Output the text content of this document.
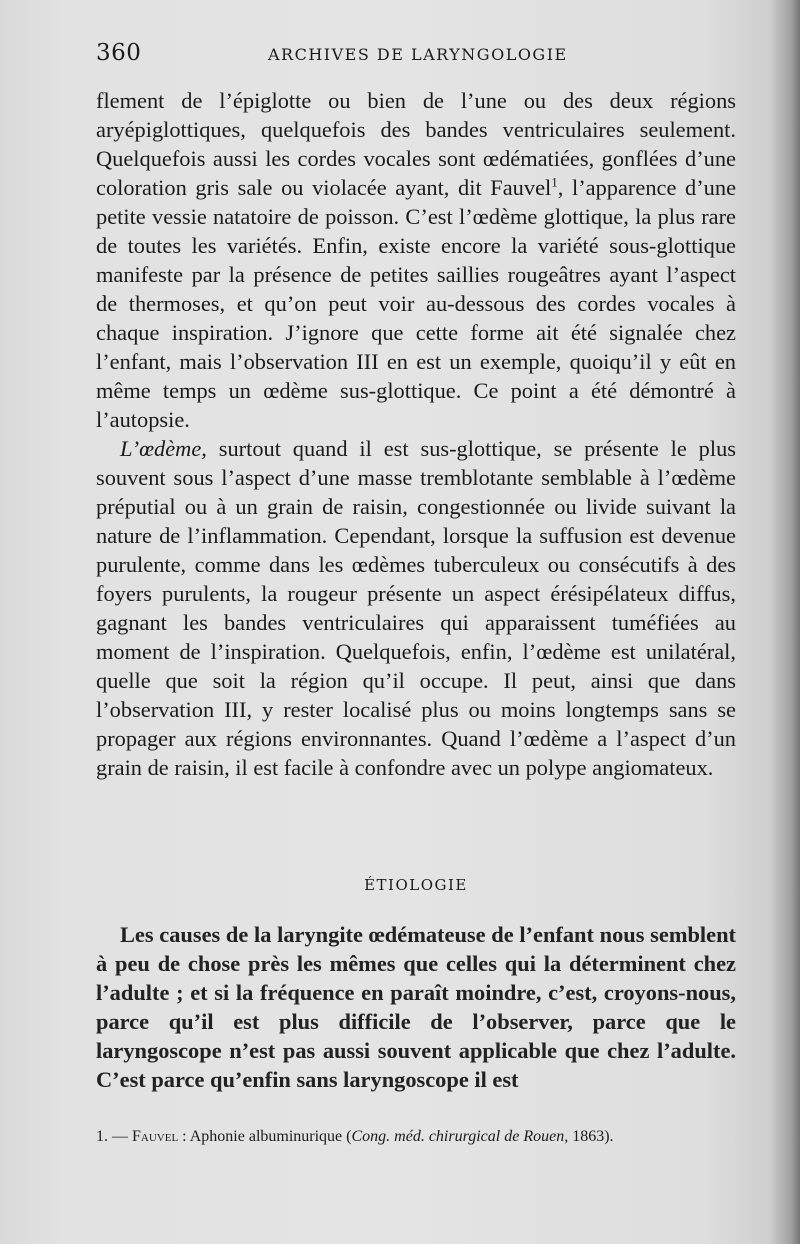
360	ARCHIVES DE LARYNGOLOGIE

flement de l’épiglotte ou bien de l’une ou des deux régions aryépiglottiques, quelquefois des bandes ventriculaires seulement. Quelquefois aussi les cordes vocales sont œdématiées, gonflées d’une coloration gris sale ou violacée ayant, dit Fauvel$^1$, l’apparence d’une petite vessie natatoire de poisson. C’est l’œdème glottique, la plus rare de toutes les variétés. Enfin, existe encore la variété sous-glottique manifeste par la présence de petites saillies rougeâtres ayant l’aspect de thermoses, et qu’on peut voir au-dessous des cordes vocales à chaque inspiration. J’ignore que cette forme ait été signalée chez l’enfant, mais l’observation III en est un exemple, quoiqu’il y eût en même temps un œdème sus-glottique. Ce point a été démontré à l’autopsie.

L’œdème, surtout quand il est sus-glottique, se présente le plus souvent sous l’aspect d’une masse tremblotante semblable à l’œdème préputial ou à un grain de raisin, congestionnée ou livide suivant la nature de l’inflammation. Cependant, lorsque la suffusion est devenue purulente, comme dans les œdèmes tuberculeux ou consécutifs à des foyers purulents, la rougeur présente un aspect érésipélateux diffus, gagnant les bandes ventriculaires qui apparaissent tuméfiées au moment de l’inspiration. Quelquefois, enfin, l’œdème est unilatéral, quelle que soit la région qu’il occupe. Il peut, ainsi que dans l’observation III, y rester localisé plus ou moins longtemps sans se propager aux régions environnantes. Quand l’œdème a l’aspect d’un grain de raisin, il est facile à confondre avec un polype angiomateux.

ÉTIOLOGIE

Les causes de la laryngite œdémateuse de l’enfant nous semblent à peu de chose près les mêmes que celles qui la déterminent chez l’adulte ; et si la fréquence en paraît moindre, c’est, croyons-nous, parce qu’il est plus difficile de l’observer, parce que le laryngoscope n’est pas aussi souvent applicable que chez l’adulte. C’est parce qu’enfin sans laryngoscope il est

1. — Fauvel : Aphonie albuminurique (Cong. méd. chirurgical de Rouen, 1863).
